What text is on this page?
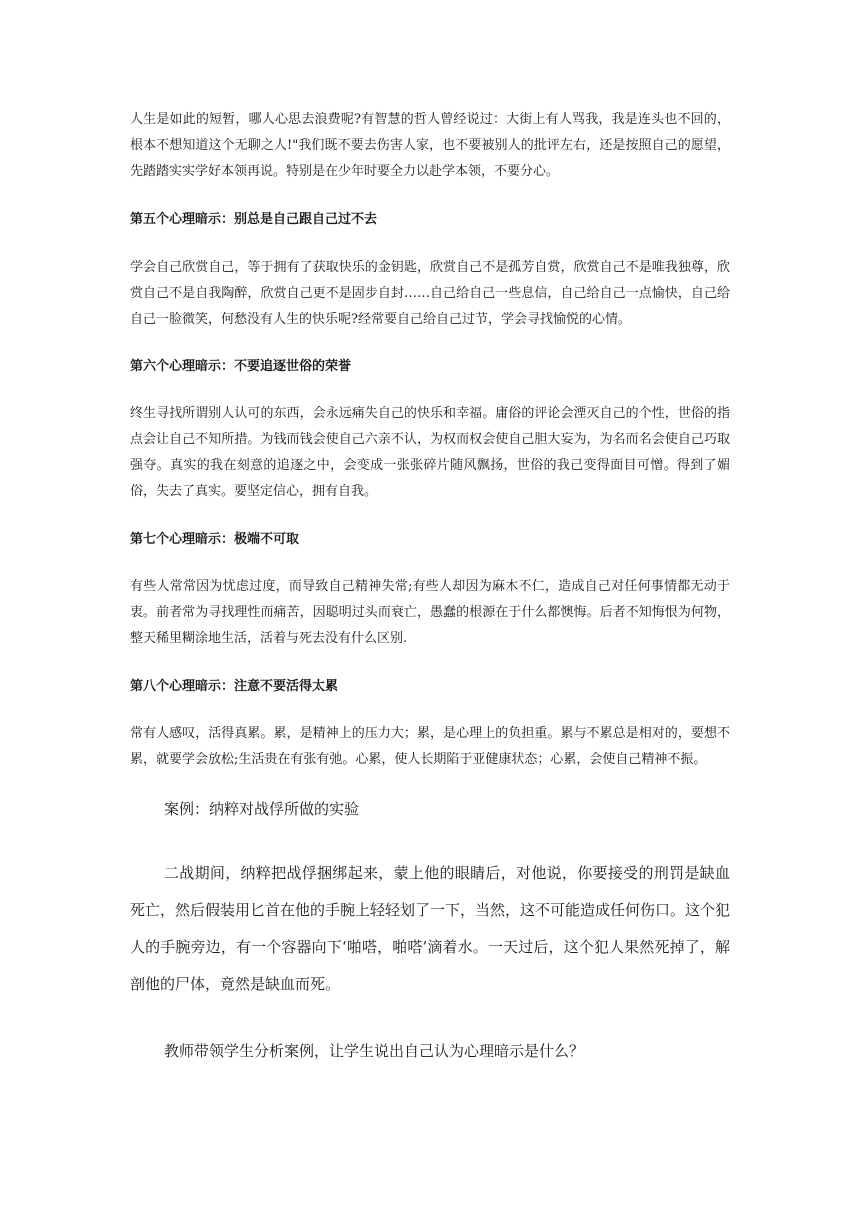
人生是如此的短暂，哪人心思去浪费呢?有智慧的哲人曾经说过：大街上有人骂我，我是连头也不回的，根本不想知道这个无聊之人!"我们既不要去伤害人家，也不要被别人的批评左右，还是按照自己的愿望，先踏踏实实学好本领再说。特别是在少年时要全力以赴学本领，不要分心。

第五个心理暗示：别总是自己跟自己过不去

学会自己欣赏自己，等于拥有了获取快乐的金钥匙，欣赏自己不是孤芳自赏，欣赏自己不是唯我独尊，欣赏自己不是自我陶醉，欣赏自己更不是固步自封……自己给自己一些息信，自己给自己一点愉快，自己给自己一脸微笑，何愁没有人生的快乐呢?经常要自己给自己过节，学会寻找愉悦的心情。

第六个心理暗示：不要追逐世俗的荣誉

终生寻找所谓别人认可的东西，会永远痛失自己的快乐和幸福。庸俗的评论会湮灭自己的个性，世俗的指点会让自己不知所措。为钱而钱会使自己六亲不认，为权而权会使自己胆大妄为，为名而名会使自己巧取强夺。真实的我在刻意的追逐之中，会变成一张张碎片随风飘扬，世俗的我己变得面目可憎。得到了媚俗，失去了真实。要坚定信心，拥有自我。

第七个心理暗示：极端不可取

有些人常常因为忧虑过度，而导致自己精神失常;有些人却因为麻木不仁，造成自己对任何事情都无动于衷。前者常为寻找理性而痛苦，因聪明过头而衰亡，愚蠢的根源在于什么都懊悔。后者不知悔恨为何物，整天稀里糊涂地生活，活着与死去没有什么区别.

第八个心理暗示：注意不要活得太累

常有人感叹，活得真累。累，是精神上的压力大；累，是心理上的负担重。累与不累总是相对的，要想不累，就要学会放松;生活贵在有张有弛。心累，使人长期陷于亚健康状态；心累，会使自己精神不振。

案例：纳粹对战俘所做的实验

二战期间，纳粹把战俘捆绑起来，蒙上他的眼睛后，对他说，你要接受的刑罚是缺血死亡，然后假装用匕首在他的手腕上轻轻划了一下，当然，这不可能造成任何伤口。这个犯人的手腕旁边，有一个容器向下‘啪嗒，啪嗒’滴着水。一天过后，这个犯人果然死掉了，解剖他的尸体，竟然是缺血而死。

教师带领学生分析案例，让学生说出自己认为心理暗示是什么？
